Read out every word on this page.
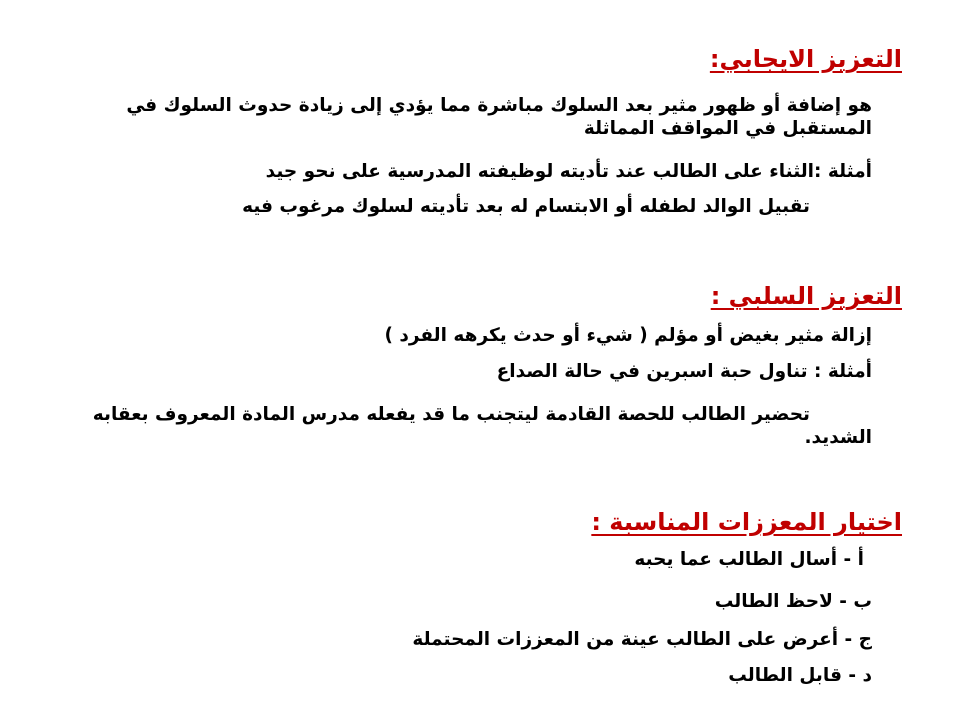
التعزيز الايجابي:
هو إضافة أو ظهور مثير بعد السلوك مباشرة مما يؤدي إلى زيادة حدوث السلوك في المستقبل في المواقف المماثلة
أمثلة :الثناء على الطالب عند تأديته لوظيفته المدرسية على نحو جيد
تقبيل الوالد لطفله أو الابتسام له بعد تأديته لسلوك مرغوب فيه
التعزيز السلبي :
إزالة مثير بغيض أو مؤلم ( شيء أو حدث يكرهه الفرد )
أمثلة : تناول حبة اسبرين في حالة الصداع
تحضير الطالب للحصة القادمة ليتجنب ما قد يفعله مدرس المادة المعروف بعقابه الشديد.
اختيار المعززات المناسبة :
أ - أسال الطالب عما يحبه
ب - لاحظ الطالب
ج - أعرض على الطالب عينة من المعززات المحتملة
د - قابل الطالب
